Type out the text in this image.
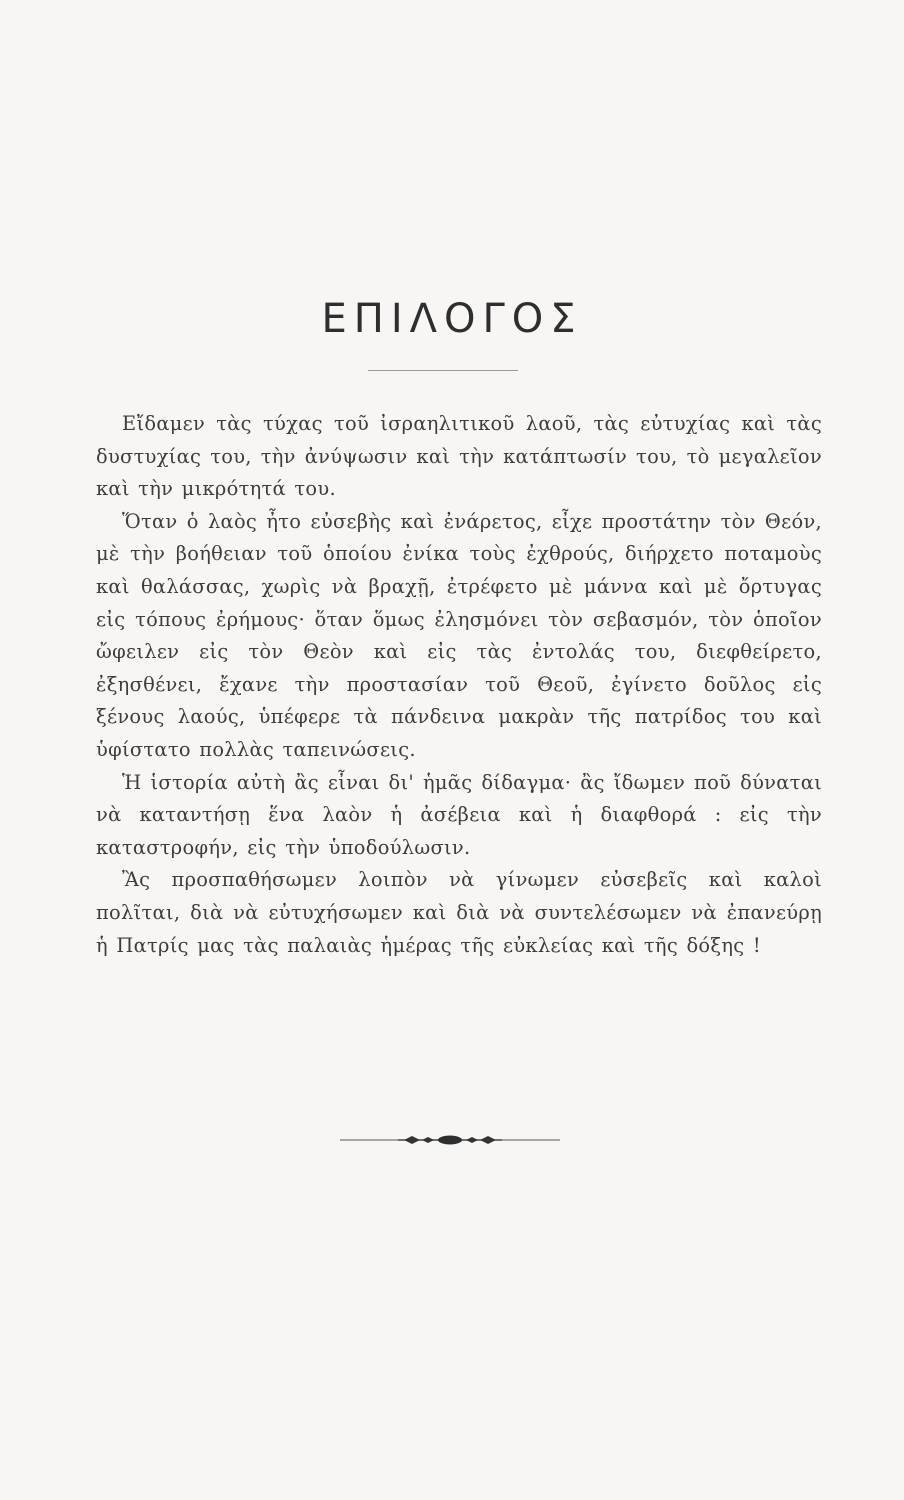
ΕΠΙΛΟΓΟΣ

Εἴδαμεν τὰς τύχας τοῦ ἰσραηλιτικοῦ λαοῦ, τὰς εὐτυχίας καὶ τὰς δυστυχίας του, τὴν ἀνύψωσιν καὶ τὴν κατάπτωσίν του, τὸ μεγαλεῖον καὶ τὴν μικρότητά του.

Ὅταν ὁ λαὸς ἦτο εὐσεβὴς καὶ ἐνάρετος, εἶχε προστάτην τὸν Θεόν, μὲ τὴν βοήθειαν τοῦ ὁποίου ἐνίκα τοὺς ἐχθρούς, διήρχετο ποταμοὺς καὶ θαλάσσας, χωρὶς νὰ βραχῇ, ἐτρέφετο μὲ μάννα καὶ μὲ ὄρτυγας εἰς τόπους ἐρήμους· ὅταν ὅμως ἐλησμόνει τὸν σεβασμόν, τὸν ὁποῖον ὤφειλεν εἰς τὸν Θεὸν καὶ εἰς τὰς ἐντολάς του, διεφθείρετο, ἐξησθένει, ἔχανε τὴν προστασίαν τοῦ Θεοῦ, ἐγίνετο δοῦλος εἰς ξένους λαούς, ὑπέφερε τὰ πάνδεινα μακρὰν τῆς πατρίδος του καὶ ὑφίστατο πολλὰς ταπεινώσεις.

Ἡ ἱστορία αὐτὴ ἂς εἶναι δι' ἡμᾶς δίδαγμα· ἂς ἴδωμεν ποῦ δύναται νὰ καταντήσῃ ἕνα λαὸν ἡ ἀσέβεια καὶ ἡ διαφθορά : εἰς τὴν καταστροφήν, εἰς τὴν ὑποδούλωσιν.

Ἂς προσπαθήσωμεν λοιπὸν νὰ γίνωμεν εὐσεβεῖς καὶ καλοὶ πολῖται, διὰ νὰ εὐτυχήσωμεν καὶ διὰ νὰ συντελέσωμεν νὰ ἐπανεύρῃ ἡ Πατρίς μας τὰς παλαιὰς ἡμέρας τῆς εὐκλείας καὶ τῆς δόξης !
